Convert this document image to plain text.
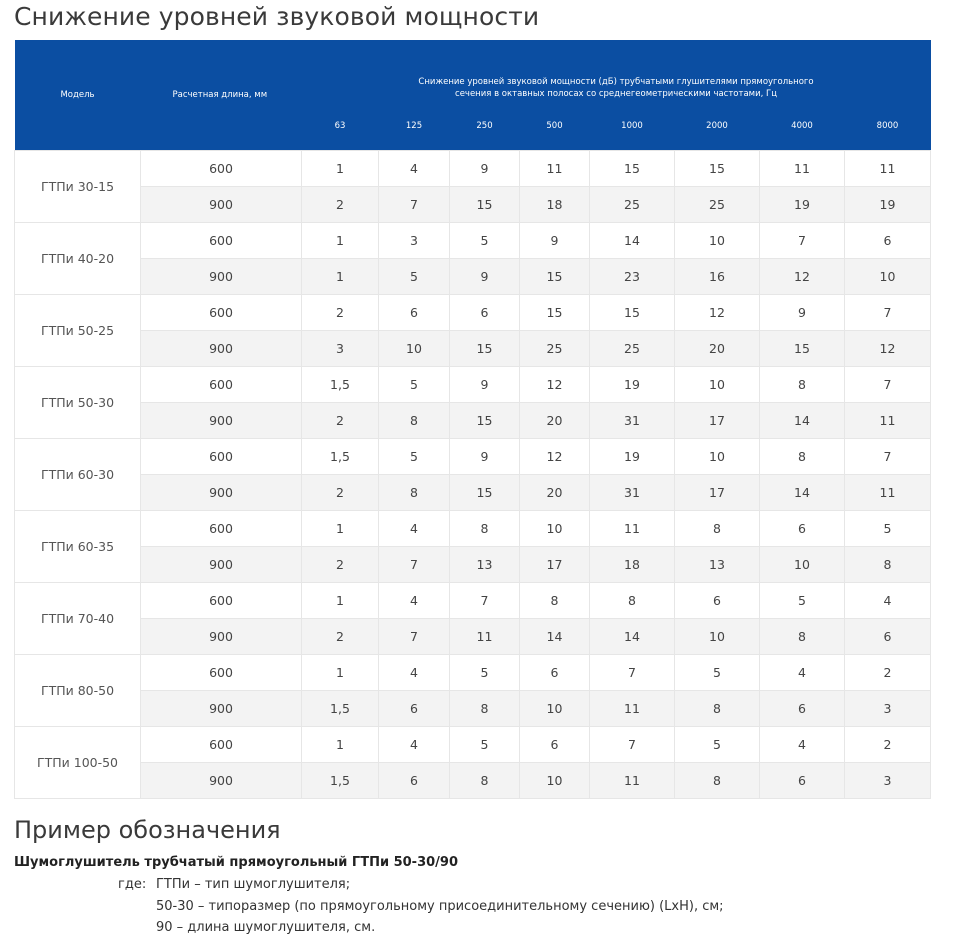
Снижение уровней звуковой мощности
Модель	Расчетная длина, мм	Снижение уровней звуковой мощности (дБ) трубчатыми глушителями прямоугольного сечения в октавных полосах со среднегеометрическими частотами, Гц							

		63	125	250	500	1000	2000	4000	8000
ГТПи 30-15	600	1	4	9	11	15	15	11	11
	900	2	7	15	18	25	25	19	19
ГТПи 40-20	600	1	3	5	9	14	10	7	6
	900	1	5	9	15	23	16	12	10
ГТПи 50-25	600	2	6	6	15	15	12	9	7
	900	3	10	15	25	25	20	15	12
ГТПи 50-30	600	1,5	5	9	12	19	10	8	7
	900	2	8	15	20	31	17	14	11
ГТПи 60-30	600	1,5	5	9	12	19	10	8	7
	900	2	8	15	20	31	17	14	11
ГТПи 60-35	600	1	4	8	10	11	8	6	5
	900	2	7	13	17	18	13	10	8
ГТПи 70-40	600	1	4	7	8	8	6	5	4
	900	2	7	11	14	14	10	8	6
ГТПи 80-50	600	1	4	5	6	7	5	4	2
	900	1,5	6	8	10	11	8	6	3
ГТПи 100-50	600	1	4	5	6	7	5	4	2
	900	1,5	6	8	10	11	8	6	3
Пример обозначения

Шумоглушитель трубчатый прямоугольный ГТПи 50-30/90

где: ГТПи – тип шумоглушителя;
50-30 – типоразмер (по прямоугольному присоединительному сечению) (LxH), см;
90 – длина шумоглушителя, см.
